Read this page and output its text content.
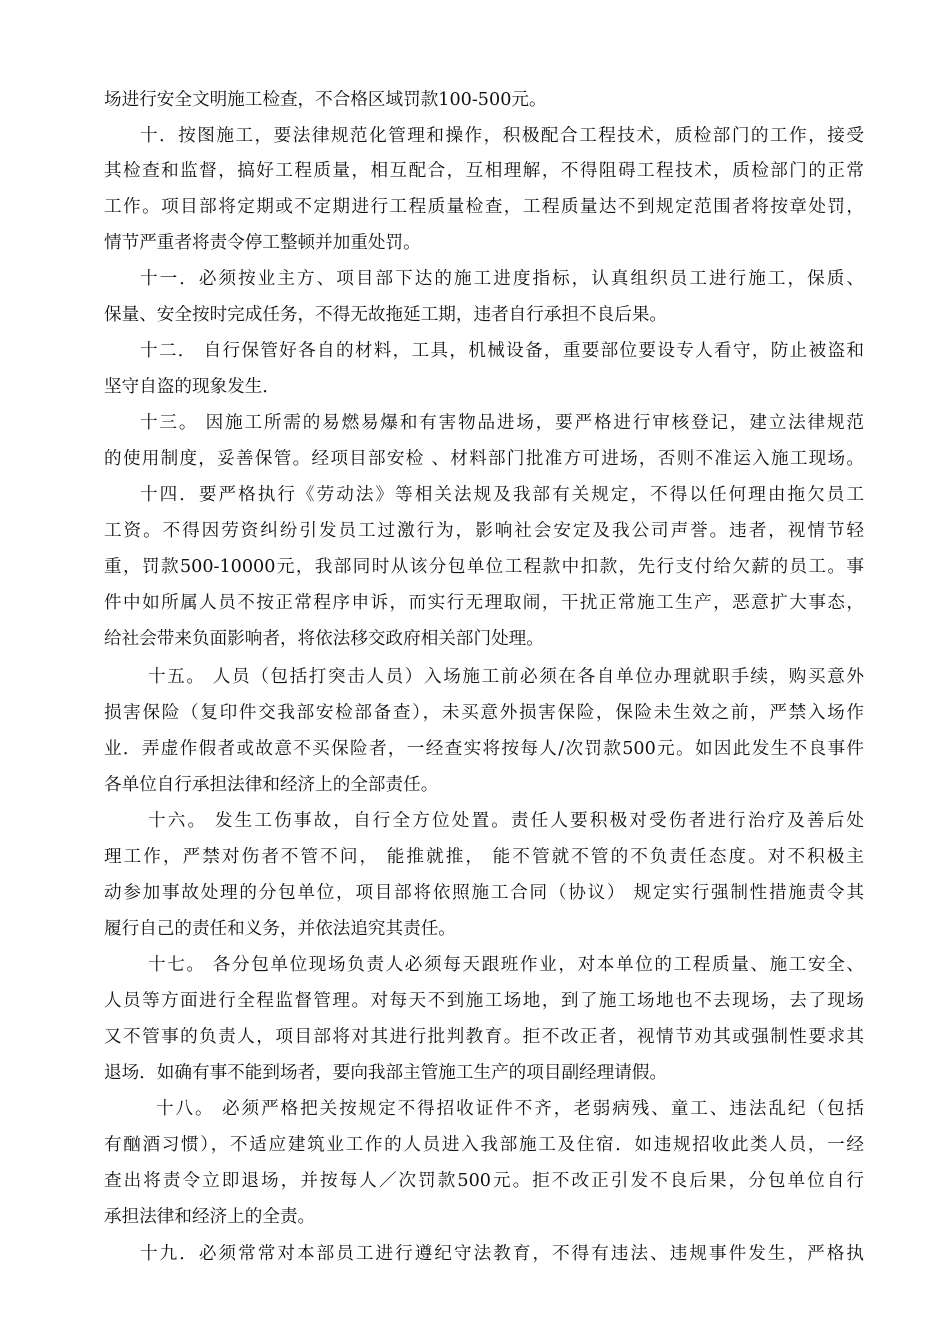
场进行安全文明施工检查，不合格区域罚款100-500元。
十．按图施工，要法律规范化管理和操作，积极配合工程技术，质检部门的工作，接受
其检查和监督，搞好工程质量，相互配合，互相理解，不得阻碍工程技术，质检部门的正常
工作。项目部将定期或不定期进行工程质量检查，工程质量达不到规定范围者将按章处罚，
情节严重者将责令停工整顿并加重处罚。
十一．必须按业主方、项目部下达的施工进度指标，认真组织员工进行施工，保质、
保量、安全按时完成任务，不得无故拖延工期，违者自行承担不良后果。
十二． 自行保管好各自的材料，工具，机械设备，重要部位要设专人看守，防止被盗和
坚守自盗的现象发生．
十三。 因施工所需的易燃易爆和有害物品进场，要严格进行审核登记，建立法律规范
的使用制度，妥善保管。经项目部安检 、材料部门批准方可进场，否则不准运入施工现场。
十四．要严格执行《劳动法》等相关法规及我部有关规定，不得以任何理由拖欠员工
工资。不得因劳资纠纷引发员工过激行为，影响社会安定及我公司声誉。违者，视情节轻
重，罚款500-10000元，我部同时从该分包单位工程款中扣款，先行支付给欠薪的员工。事
件中如所属人员不按正常程序申诉，而实行无理取闹，干扰正常施工生产，恶意扩大事态，
给社会带来负面影响者，将依法移交政府相关部门处理。
十五。 人员（包括打突击人员）入场施工前必须在各自单位办理就职手续，购买意外
损害保险（复印件交我部安检部备查），未买意外损害保险，保险未生效之前，严禁入场作
业．弄虚作假者或故意不买保险者，一经查实将按每人/次罚款500元。如因此发生不良事件
各单位自行承担法律和经济上的全部责任。
十六。 发生工伤事故，自行全方位处置。责任人要积极对受伤者进行治疗及善后处
理工作，严禁对伤者不管不问， 能推就推， 能不管就不管的不负责任态度。对不积极主
动参加事故处理的分包单位，项目部将依照施工合同（协议） 规定实行强制性措施责令其
履行自己的责任和义务，并依法追究其责任。
十七。 各分包单位现场负责人必须每天跟班作业，对本单位的工程质量、施工安全、
人员等方面进行全程监督管理。对每天不到施工场地，到了施工场地也不去现场，去了现场
又不管事的负责人，项目部将对其进行批判教育。拒不改正者，视情节劝其或强制性要求其
退场．如确有事不能到场者，要向我部主管施工生产的项目副经理请假。
十八。 必须严格把关按规定不得招收证件不齐，老弱病残、童工、违法乱纪（包括
有酗酒习惯），不适应建筑业工作的人员进入我部施工及住宿．如违规招收此类人员，一经
查出将责令立即退场，并按每人／次罚款500元。拒不改正引发不良后果，分包单位自行
承担法律和经济上的全责。
十九．必须常常对本部员工进行遵纪守法教育，不得有违法、违规事件发生，严格执
